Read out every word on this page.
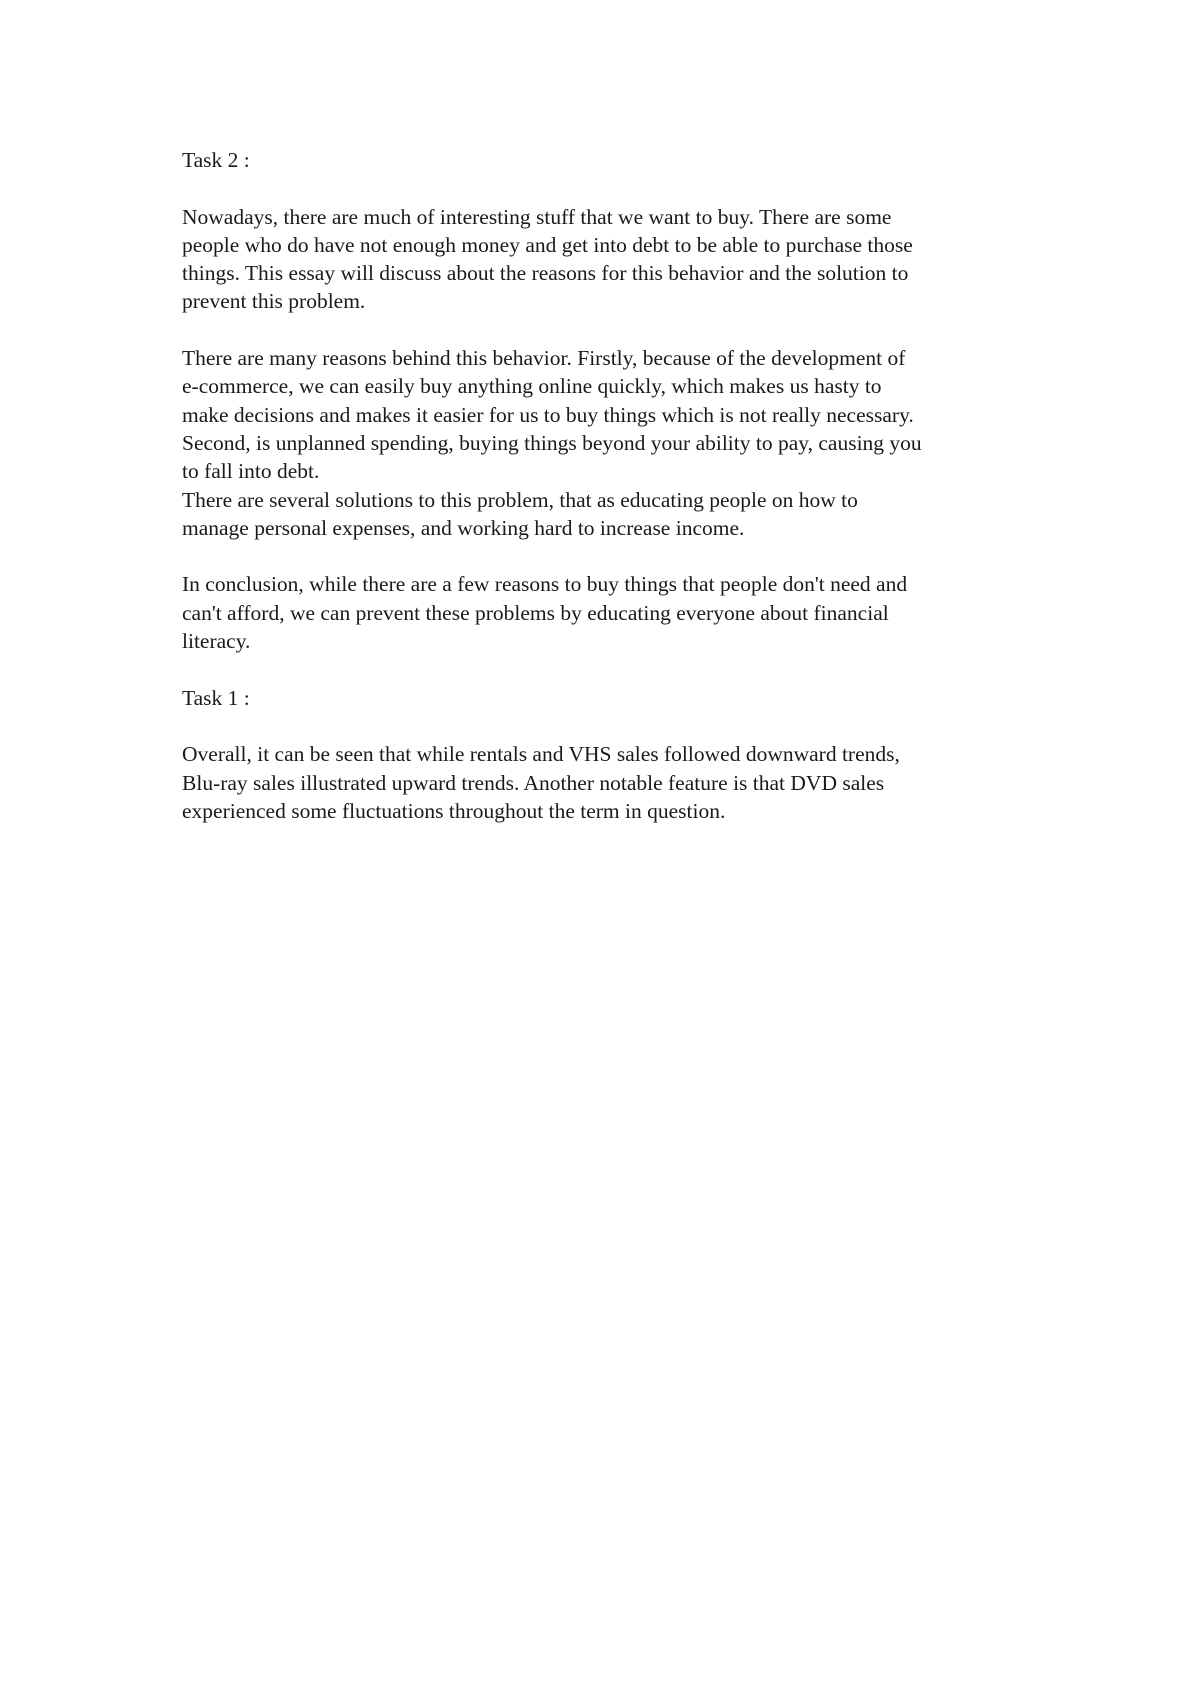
Task 2 :

Nowadays, there are much of interesting stuff that we want to buy. There are some
people who do have not enough money and get into debt to be able to purchase those
things. This essay will discuss about the reasons for this behavior and the solution to
prevent this problem.

There are many reasons behind this behavior. Firstly, because of the development of
e-commerce, we can easily buy anything online quickly, which makes us hasty to
make decisions and makes it easier for us to buy things which is not really necessary.
Second, is unplanned spending, buying things beyond your ability to pay, causing you
to fall into debt.

There are several solutions to this problem, that as educating people on how to
manage personal expenses, and working hard to increase income.

In conclusion, while there are a few reasons to buy things that people don't need and
can't afford, we can prevent these problems by educating everyone about financial
literacy.

Task 1 :

Overall, it can be seen that while rentals and VHS sales followed downward trends,
Blu-ray sales illustrated upward trends. Another notable feature is that DVD sales
experienced some fluctuations throughout the term in question.
